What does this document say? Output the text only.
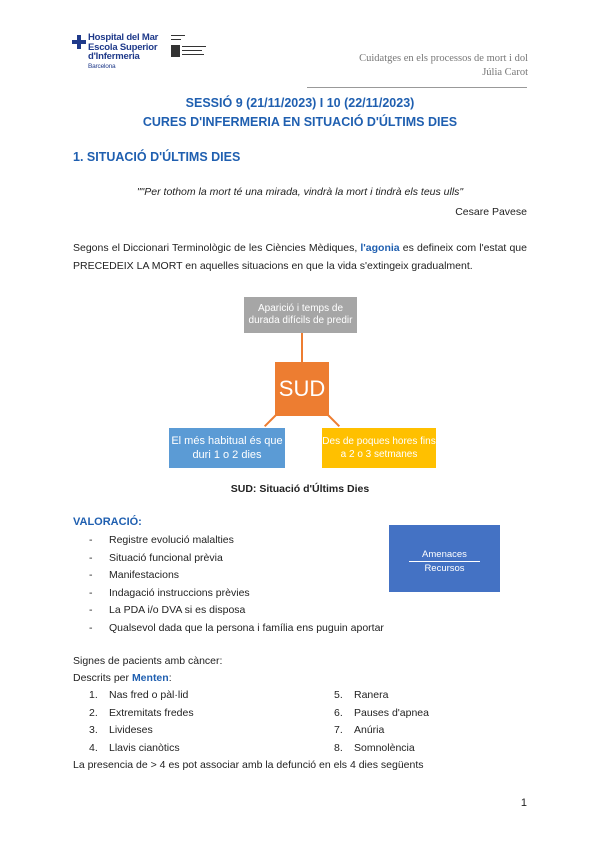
Hospital del Mar
Escola Superior
d'Infermeria
Barcelona
Cuidatges en els processos de mort i dol
Júlia Carot
SESSIÓ 9 (21/11/2023) I 10 (22/11/2023)
CURES D'INFERMERIA EN SITUACIÓ D'ÚLTIMS DIES
1. SITUACIÓ D'ÚLTIMS DIES
""Per tothom la mort té una mirada, vindrà la mort i tindrà els teus ulls"
Cesare Pavese
Segons el Diccionari Terminològic de les Ciències Mèdiques, l'agonia es defineix com l'estat que PRECEDEIX LA MORT en aquelles situacions en que la vida s'extingeix gradualment.
Aparició i temps de durada difícils de predir
SUD
El més habitual és que duri 1 o 2 dies
Des de poques hores fins a 2 o 3 setmanes
SUD: Situació d'Últims Dies
VALORACIÓ:
- Registre evolució malalties
- Situació funcional prèvia
- Manifestacions
- Indagació instruccions prèvies
- La PDA i/o DVA si es disposa
- Qualsevol dada que la persona i família ens puguin aportar
Amenaces
Recursos
Signes de pacients amb càncer:
Descrits per Menten:
1. Nas fred o pàl·lid
2. Extremitats fredes
3. Livideses
4. Llavis cianòtics
5. Ranera
6. Pauses d'apnea
7. Anúria
8. Somnolència
La presencia de > 4 es pot associar amb la defunció en els 4 dies següents
1
